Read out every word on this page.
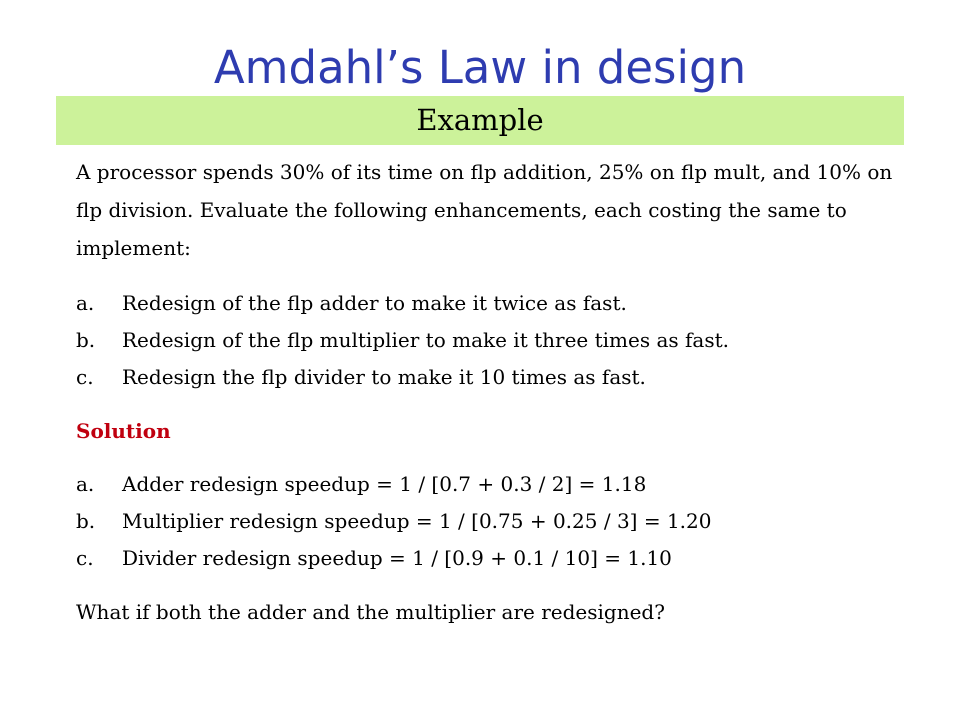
Amdahl’s Law in design
Example

A processor spends 30% of its time on flp addition, 25% on flp mult, and 10% on flp division. Evaluate the following enhancements, each costing the same to implement:

a.	Redesign of the flp adder to make it twice as fast.
b.	Redesign of the flp multiplier to make it three times as fast.
c.	Redesign the flp divider to make it 10 times as fast.

Solution

a.	Adder redesign speedup = 1 / [0.7 + 0.3 / 2] = 1.18
b.	Multiplier redesign speedup = 1 / [0.75 + 0.25 / 3] = 1.20
c.	Divider redesign speedup = 1 / [0.9 + 0.1 / 10] = 1.10

What if both the adder and the multiplier are redesigned?
